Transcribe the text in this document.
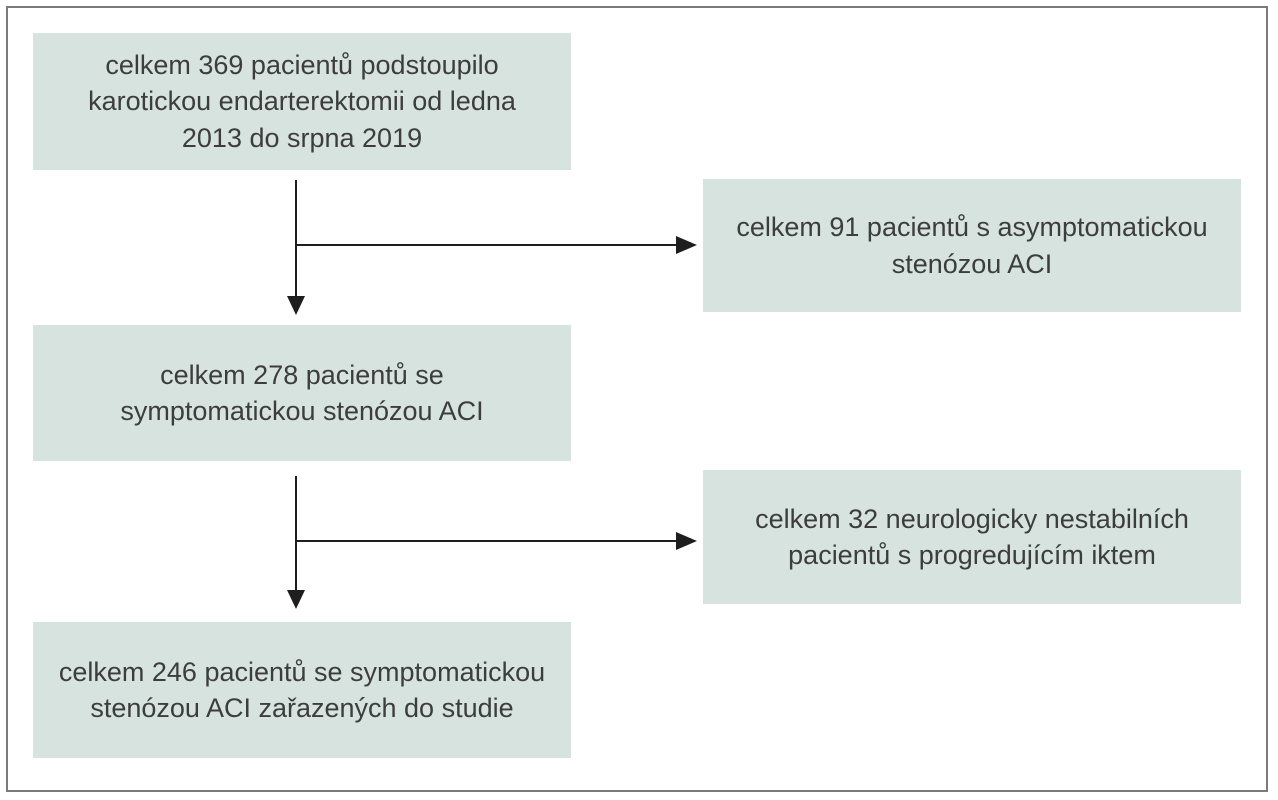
celkem 369 pacientů podstoupilo
karotickou endarterektomii od ledna
2013 do srpna 2019
celkem 91 pacientů s asymptomatickou
stenózou ACI
celkem 278 pacientů se
symptomatickou stenózou ACI
celkem 32 neurologicky nestabilních
pacientů s progredujícím iktem
celkem 246 pacientů se symptomatickou
stenózou ACI zařazených do studie
